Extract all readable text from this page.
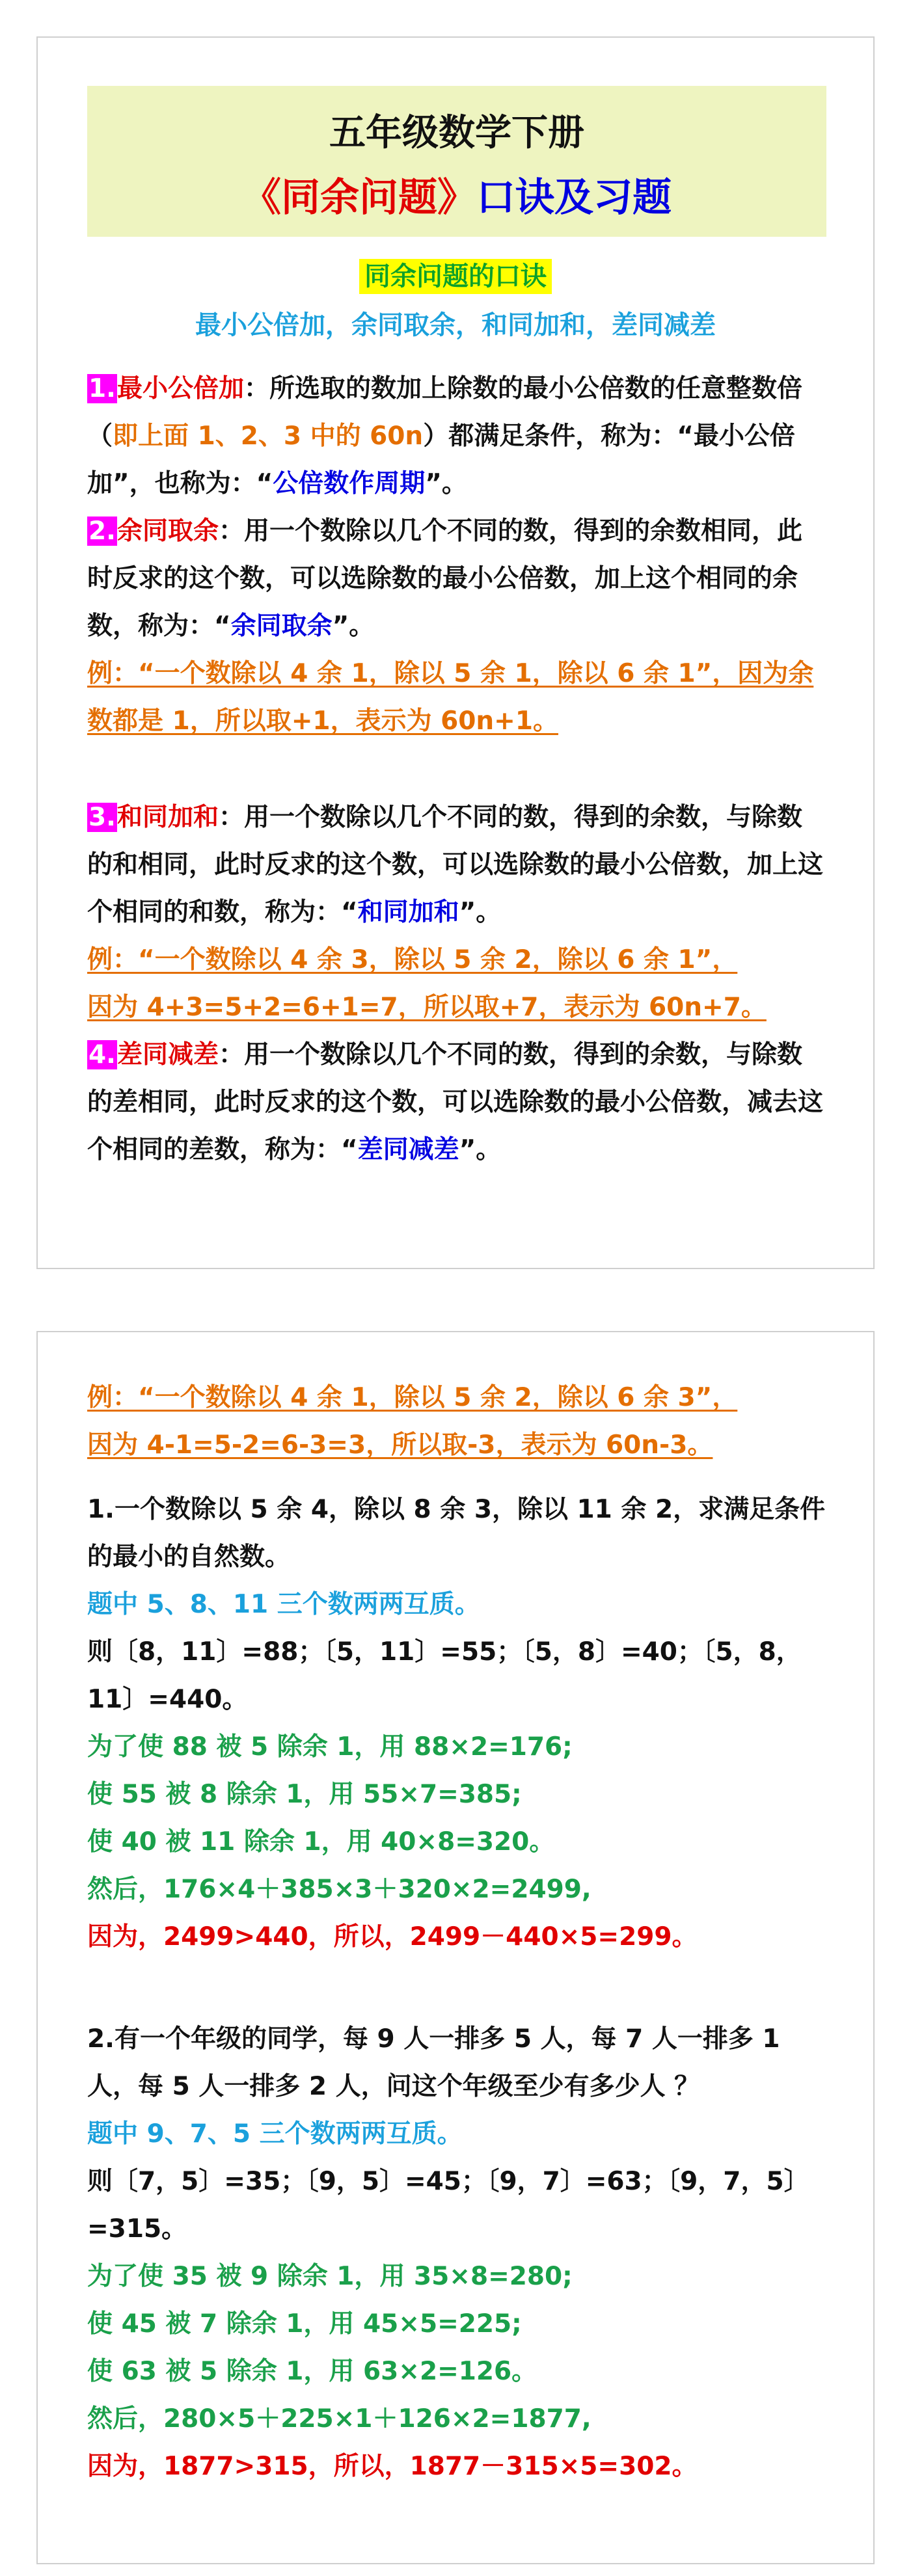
五年级数学下册
《同余问题》口诀及习题
同余问题的口诀
最小公倍加，余同取余，和同加和，差同减差

1.最小公倍加：所选取的数加上除数的最小公倍数的任意整数倍（即上面 1、2、3 中的 60n）都满足条件，称为：“最小公倍加”，也称为：“公倍数作周期”。

2.余同取余：用一个数除以几个不同的数，得到的余数相同，此时反求的这个数，可以选除数的最小公倍数，加上这个相同的余数，称为：“余同取余”。

例：“一个数除以 4 余 1，除以 5 余 1，除以 6 余 1”，因为余数都是 1，所以取+1，表示为 60n+1。

3.和同加和：用一个数除以几个不同的数，得到的余数，与除数的和相同，此时反求的这个数，可以选除数的最小公倍数，加上这个相同的和数，称为：“和同加和”。

例：“一个数除以 4 余 3，除以 5 余 2，除以 6 余 1”，

因为 4+3=5+2=6+1=7，所以取+7，表示为 60n+7。

4.差同减差：用一个数除以几个不同的数，得到的余数，与除数的差相同，此时反求的这个数，可以选除数的最小公倍数，减去这个相同的差数，称为：“差同减差”。

例：“一个数除以 4 余 1，除以 5 余 2，除以 6 余 3”，

因为 4-1=5-2=6-3=3，所以取-3，表示为 60n-3。

1.一个数除以 5 余 4，除以 8 余 3，除以 11 余 2，求满足条件的最小的自然数。

题中 5、8、11 三个数两两互质。

则〔8，11〕=88；〔5，11〕=55；〔5，8〕=40；〔5，8，11〕=440。

为了使 88 被 5 除余 1，用 88×2=176;

使 55 被 8 除余 1，用 55×7=385;

使 40 被 11 除余 1，用 40×8=320。

然后，176×4＋385×3＋320×2=2499,

因为，2499>440，所以，2499－440×5=299。

2.有一个年级的同学，每 9 人一排多 5 人，每 7 人一排多 1 人，每 5 人一排多 2 人，问这个年级至少有多少人 ？

题中 9、7、5 三个数两两互质。

则〔7，5〕=35；〔9，5〕=45；〔9，7〕=63；〔9，7，5〕=315。

为了使 35 被 9 除余 1，用 35×8=280;

使 45 被 7 除余 1，用 45×5=225;

使 63 被 5 除余 1，用 63×2=126。

然后，280×5＋225×1＋126×2=1877,

因为，1877>315，所以，1877－315×5=302。
